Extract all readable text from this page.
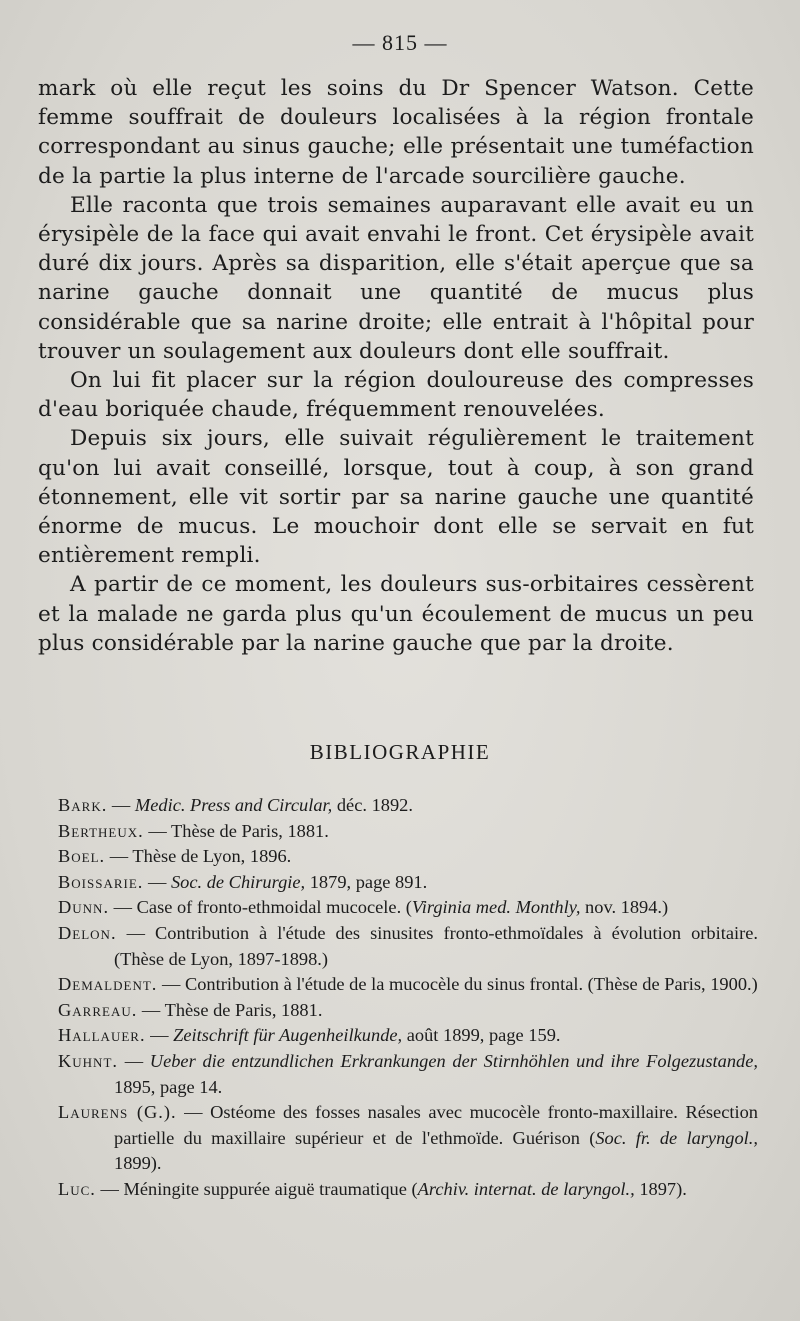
— 815 —

mark où elle reçut les soins du Dr Spencer Watson. Cette femme souffrait de douleurs localisées à la région frontale correspondant au sinus gauche; elle présentait une tuméfaction de la partie la plus interne de l'arcade sourcilière gauche.

Elle raconta que trois semaines auparavant elle avait eu un érysipèle de la face qui avait envahi le front. Cet érysipèle avait duré dix jours. Après sa disparition, elle s'était aperçue que sa narine gauche donnait une quantité de mucus plus considérable que sa narine droite; elle entrait à l'hôpital pour trouver un soulagement aux douleurs dont elle souffrait.

On lui fit placer sur la région douloureuse des compresses d'eau boriquée chaude, fréquemment renouvelées.

Depuis six jours, elle suivait régulièrement le traitement qu'on lui avait conseillé, lorsque, tout à coup, à son grand étonnement, elle vit sortir par sa narine gauche une quantité énorme de mucus. Le mouchoir dont elle se servait en fut entièrement rempli.

A partir de ce moment, les douleurs sus-orbitaires cessèrent et la malade ne garda plus qu'un écoulement de mucus un peu plus considérable par la narine gauche que par la droite.

BIBLIOGRAPHIE
Bark. — Medic. Press and Circular, déc. 1892.
Bertheux. — Thèse de Paris, 1881.
Boel. — Thèse de Lyon, 1896.
Boissarie. — Soc. de Chirurgie, 1879, page 891.
Dunn. — Case of fronto-ethmoidal mucocele. (Virginia med. Monthly, nov. 1894.)
Delon. — Contribution à l'étude des sinusites fronto-ethmoïdales à évolution orbitaire. (Thèse de Lyon, 1897-1898.)
Demaldent. — Contribution à l'étude de la mucocèle du sinus frontal. (Thèse de Paris, 1900.)
Garreau. — Thèse de Paris, 1881.
Hallauer. — Zeitschrift für Augenheilkunde, août 1899, page 159.
Kuhnt. — Ueber die entzundlichen Erkrankungen der Stirnhöhlen und ihre Folgezustande, 1895, page 14.
Laurens (G.). — Ostéome des fosses nasales avec mucocèle fronto-maxillaire. Résection partielle du maxillaire supérieur et de l'ethmoïde. Guérison (Soc. fr. de laryngol., 1899).
Luc. — Méningite suppurée aiguë traumatique (Archiv. internat. de laryngol., 1897).
